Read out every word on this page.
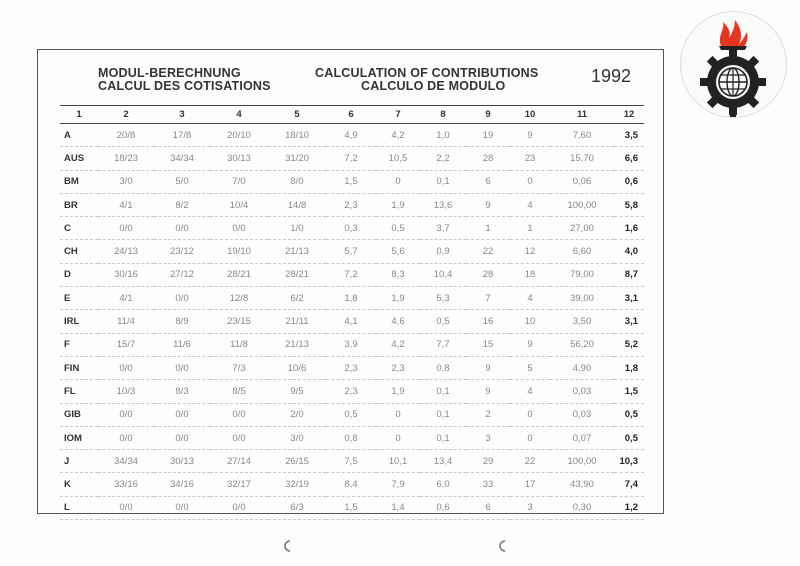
MODUL-BERECHNUNG
CALCUL DES COTISATIONS
CALCULATION OF CONTRIBUTIONS
CALCULO DE MODULO	1992
1	2	3	4	5	6	7	8	9	10	11	12
A	20/8	17/8	20/10	18/10	4,9	4,2	1,0	19	9	7,60	3,5
AUS	18/23	34/34	30/13	31/20	7,2	10,5	2,2	28	23	15,70	6,6
BM	3/0	5/0	7/0	8/0	1,5	0	0,1	6	0	0,06	0,6
BR	4/1	8/2	10/4	14/8	2,3	1,9	13,6	9	4	100,00	5,8
C	0/0	0/0	0/0	1/0	0,3	0,5	3,7	1	1	27,00	1,6
CH	24/13	23/12	19/10	21/13	5,7	5,6	0,9	22	12	6,60	4,0
D	30/16	27/12	28/21	28/21	7,2	8,3	10,4	28	18	79,00	8,7
E	4/1	0/0	12/8	6/2	1,8	1,9	5,3	7	4	39,00	3,1
IRL	11/4	8/9	23/15	21/11	4,1	4,6	0,5	16	10	3,50	3,1
F	15/7	11/6	11/8	21/13	3,9	4,2	7,7	15	9	56,20	5,2
FIN	0/0	0/0	7/3	10/6	2,3	2,3	0,8	9	5	4,90	1,8
FL	10/3	8/3	8/5	9/5	2,3	1,9	0,1	9	4	0,03	1,5
GIB	0/0	0/0	0/0	2/0	0,5	0	0,1	2	0	0,03	0,5
IOM	0/0	0/0	0/0	3/0	0,8	0	0,1	3	0	0,07	0,5
J	34/34	30/13	27/14	26/15	7,5	10,1	13,4	29	22	100,00	10,3
K	33/16	34/16	32/17	32/19	8,4	7,9	6,0	33	17	43,90	7,4
L	0/0	0/0	0/0	6/3	1,5	1,4	0,6	6	3	0,30	1,2
